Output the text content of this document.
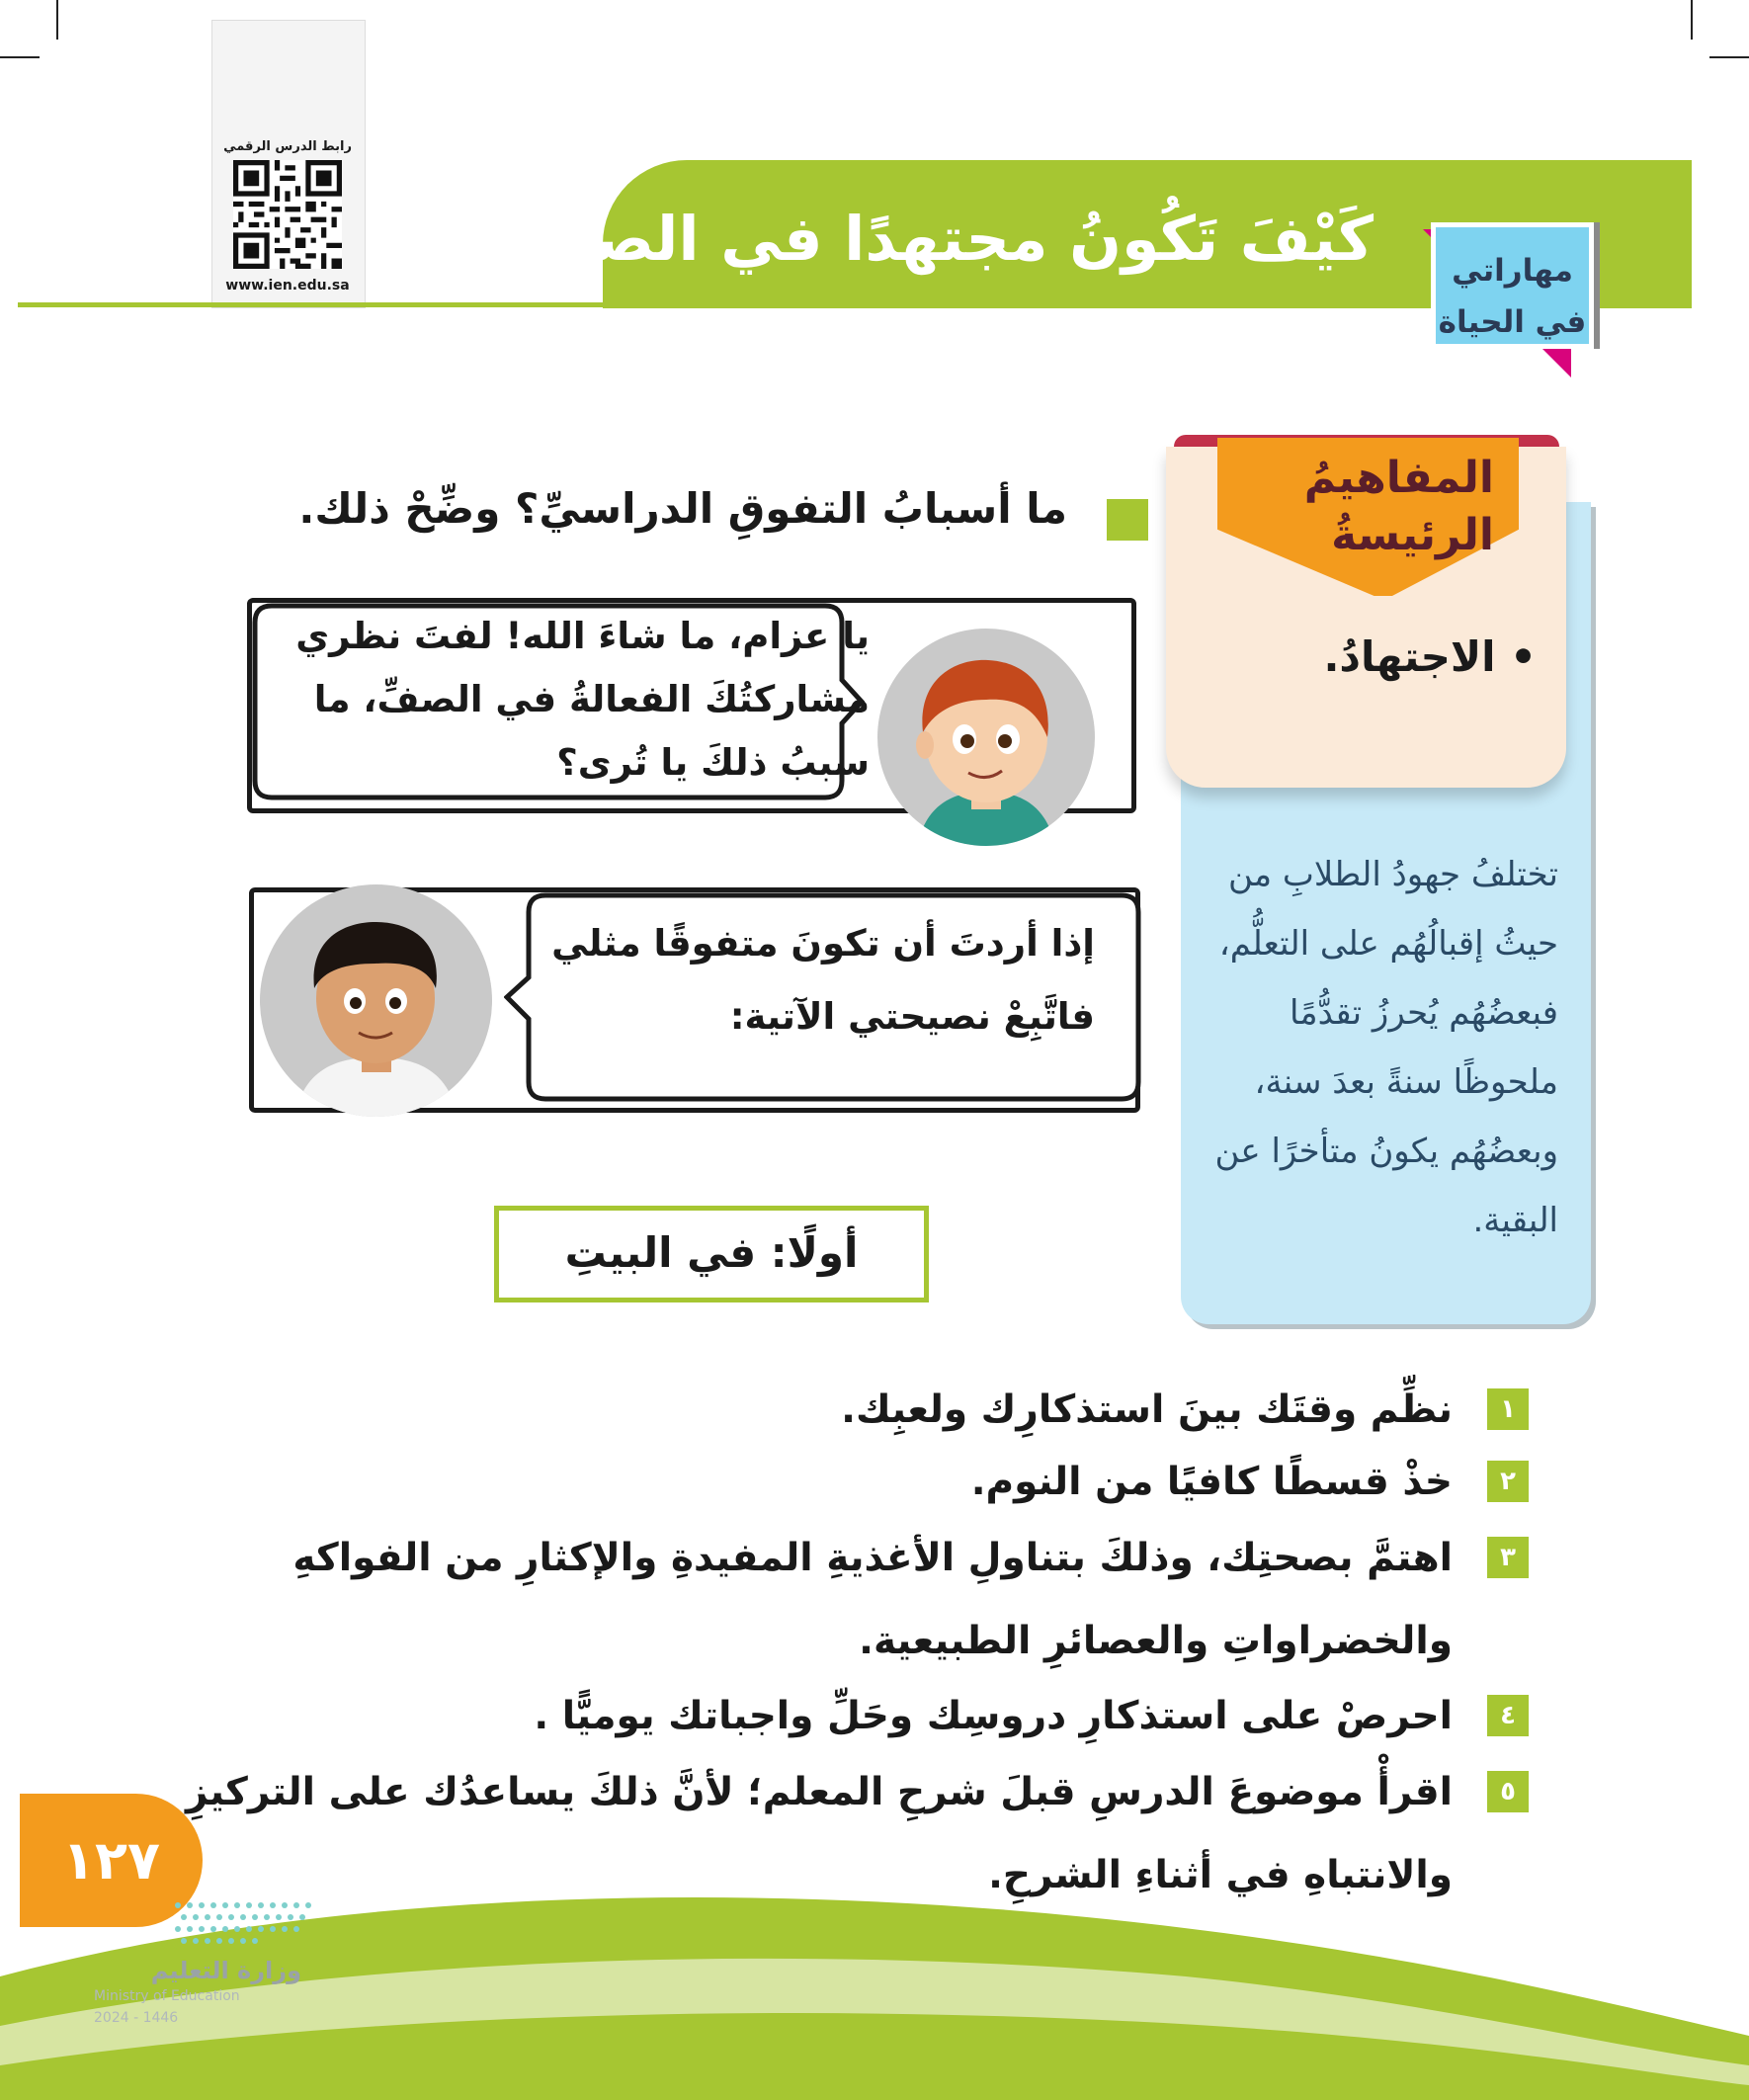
رابط الدرس الرقمي
www.ien.edu.sa
كَيْفَ تَكُونُ مجتهدًا في الصف	مهاراتي
في الحياة
المفاهيمُ
الرئيسةُ
• الاجتهادُ.
تختلفُ جهودُ الطلابِ من حيثُ إقبالُهُم على التعلُّم، فبعضُهُم يُحرزُ تقدُّمًا ملحوظًا سنةً بعدَ سنة، وبعضُهُم يكونُ متأخرًا عن البقية.
ما أسبابُ التفوقِ الدراسيِّ؟ وضِّحْ ذلك.
يا عزام، ما شاءَ الله! لفتَ نظري مشاركتُكَ الفعالةُ في الصفِّ، ما سببُ ذلكَ يا تُرى؟
إذا أردتَ أن تكونَ متفوقًا مثلي فاتَّبِعْ نصيحتي الآتية:
أولًا: في البيتِ
١
نظِّم وقتَك بينَ استذكارِك ولعبِك.
٢
خذْ قسطًا كافيًا من النوم.
٣
اهتمَّ بصحتِك، وذلكَ بتناولِ الأغذيةِ المفيدةِ والإكثارِ من الفواكهِ والخضراواتِ والعصائرِ الطبيعية.
٤
احرصْ على استذكارِ دروسِك وحَلِّ واجباتك يوميًّا .
٥
اقرأْ موضوعَ الدرسِ قبلَ شرحِ المعلم؛ لأنَّ ذلكَ يساعدُك على التركيزِ والانتباهِ في أثناءِ الشرحِ.
١٢٧
وزارة التعليم
Ministry of Education
2024 - 1446
